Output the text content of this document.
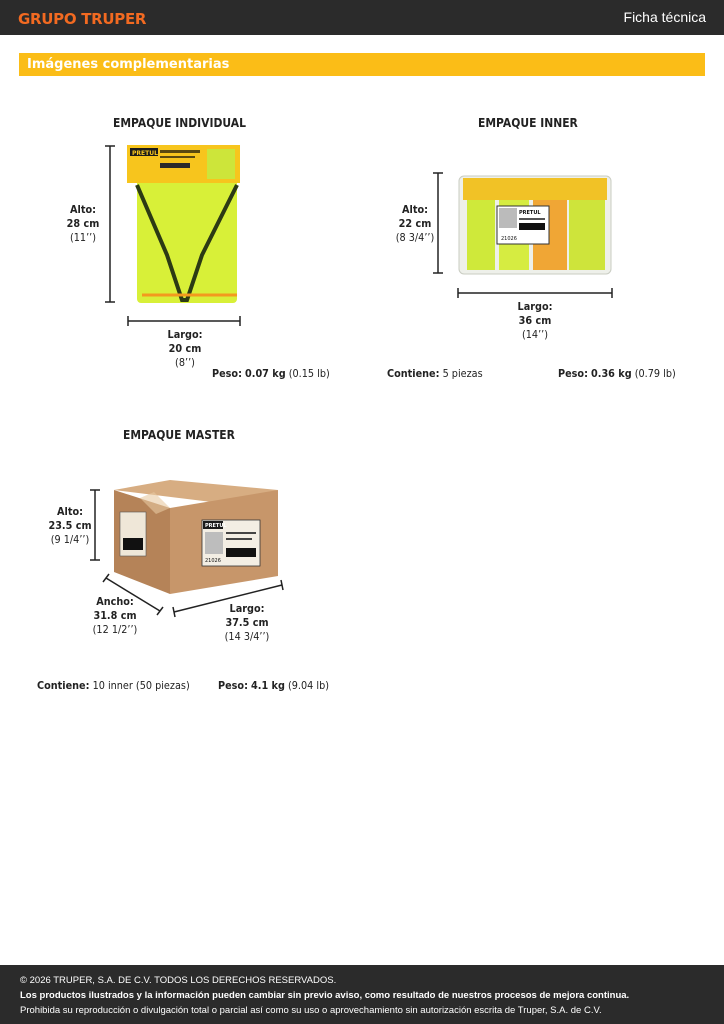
GRUPO TRUPER	Ficha técnica
Imágenes complementarias
EMPAQUE INDIVIDUAL
PRETUL
Alto:
28 cm
(11’’)
Largo:
20 cm
(8’’)
Peso: 0.07 kg (0.15 lb)
EMPAQUE INNER
PRETUL
21026
Alto:
22 cm
(8 3/4’’)
Largo:
36 cm
(14’’)
Contiene: 5 piezas	Peso: 0.36 kg (0.79 lb)
EMPAQUE MASTER
PRETUL
21026
Alto:
23.5 cm
(9 1/4’’)
Ancho:
31.8 cm
(12 1/2’’)
Largo:
37.5 cm
(14 3/4’’)
Contiene: 10 inner (50 piezas)	Peso: 4.1 kg (9.04 lb)
© 2026 TRUPER, S.A. DE C.V. TODOS LOS DERECHOS RESERVADOS.
Los productos ilustrados y la información pueden cambiar sin previo aviso, como resultado de nuestros procesos de mejora continua.
Prohibida su reproducción o divulgación total o parcial así como su uso o aprovechamiento sin autorización escrita de Truper, S.A. de C.V.
